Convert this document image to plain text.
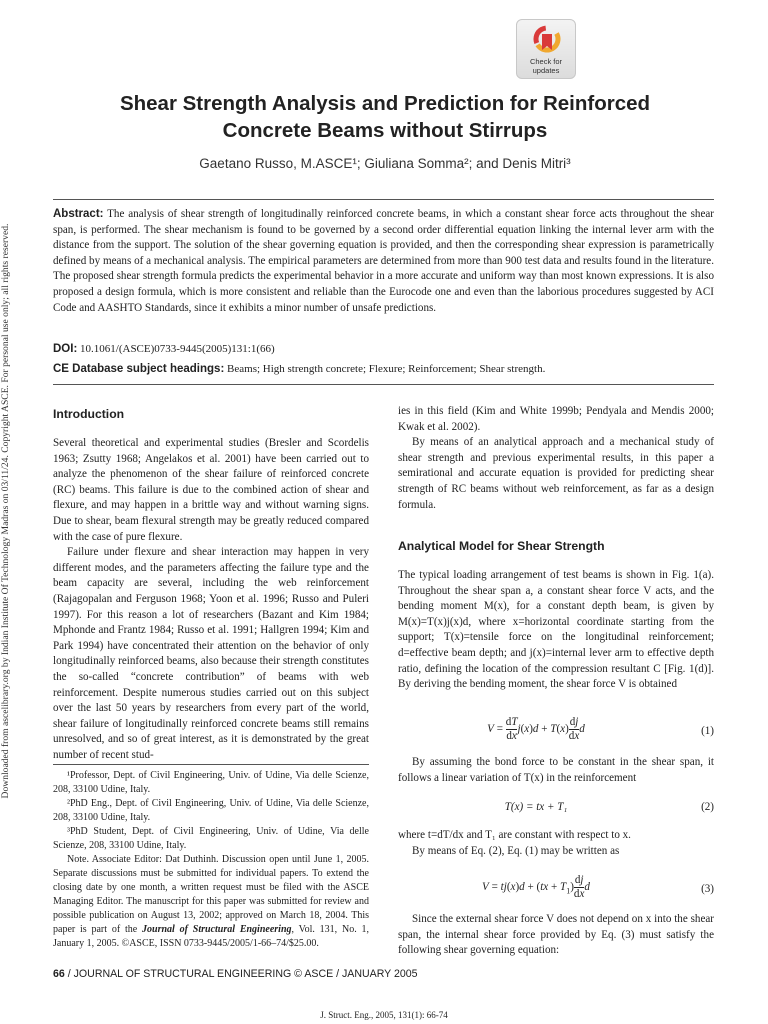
Downloaded from ascelibrary.org by Indian Institute Of Technology Madras on 03/11/24. Copyright ASCE. For personal use only; all rights reserved.
Check for
updates
Shear Strength Analysis and Prediction for Reinforced
Concrete Beams without Stirrups
Gaetano Russo, M.ASCE¹; Giuliana Somma²; and Denis Mitri³
Abstract: The analysis of shear strength of longitudinally reinforced concrete beams, in which a constant shear force acts throughout the shear span, is performed. The shear mechanism is found to be governed by a second order differential equation linking the internal lever arm with the distance from the support. The solution of the shear governing equation is provided, and then the corresponding shear expression is parametrically defined by means of a mechanical analysis. The empirical parameters are determined from more than 900 test data and results found in the literature. The proposed shear strength formula predicts the experimental behavior in a more accurate and uniform way than most known expressions. It is also proposed a design formula, which is more consistent and reliable than the Eurocode one and even than the laborious procedures suggested by ACI Code and AASHTO Standards, since it exhibits a minor number of unsafe predictions.
DOI: 10.1061/(ASCE)0733-9445(2005)131:1(66)
CE Database subject headings: Beams; High strength concrete; Flexure; Reinforcement; Shear strength.
Introduction

Several theoretical and experimental studies (Bresler and Scordelis 1963; Zsutty 1968; Angelakos et al. 2001) have been carried out to analyze the phenomenon of the shear failure of reinforced concrete (RC) beams. This failure is due to the combined action of shear and flexure, and may happen in a brittle way and without warning signs. Due to shear, beam flexural strength may be greatly reduced compared with the case of pure flexure.

Failure under flexure and shear interaction may happen in very different modes, and the parameters affecting the failure type and the beam capacity are several, including the web reinforcement (Rajagopalan and Ferguson 1968; Yoon et al. 1996; Russo and Puleri 1997). For this reason a lot of researchers (Bazant and Kim 1984; Mphonde and Frantz 1984; Russo et al. 1991; Hallgren 1994; Kim and Park 1994) have concentrated their attention on the behavior of only longitudinally reinforced beams, also because their strength constitutes the so-called “concrete contribution” of beams with web reinforcement. Despite numerous studies carried out on this subject over the last 50 years by researchers from every part of the world, shear failure of longitudinally reinforced concrete beams still remains unresolved, and so of great interest, as it is demonstrated by the great number of recent stud-

¹Professor, Dept. of Civil Engineering, Univ. of Udine, Via delle Scienze, 208, 33100 Udine, Italy.

²PhD Eng., Dept. of Civil Engineering, Univ. of Udine, Via delle Scienze, 208, 33100 Udine, Italy.

³PhD Student, Dept. of Civil Engineering, Univ. of Udine, Via delle Scienze, 208, 33100 Udine, Italy.

Note. Associate Editor: Dat Duthinh. Discussion open until June 1, 2005. Separate discussions must be submitted for individual papers. To extend the closing date by one month, a written request must be filed with the ASCE Managing Editor. The manuscript for this paper was submitted for review and possible publication on August 13, 2002; approved on March 18, 2004. This paper is part of the Journal of Structural Engineering, Vol. 131, No. 1, January 1, 2005. ©ASCE, ISSN 0733-9445/2005/1-66–74/$25.00.

ies in this field (Kim and White 1999b; Pendyala and Mendis 2000; Kwak et al. 2002).

By means of an analytical approach and a mechanical study of shear strength and previous experimental results, in this paper a semirational and accurate equation is provided for predicting shear strength of RC beams without web reinforcement, as far as a design formula.

Analytical Model for Shear Strength

The typical loading arrangement of test beams is shown in Fig. 1(a). Throughout the shear span a, a constant shear force V acts, and the bending moment M(x), for a constant depth beam, is given by M(x)=T(x)j(x)d, where x=horizontal coordinate starting from the support; T(x)=tensile force on the longitudinal reinforcement; d=effective beam depth; and j(x)=internal lever arm to effective depth ratio, defining the location of the compression resultant C [Fig. 1(d)]. By deriving the bending moment, the shear force V is obtained

$V = \frac{dT}{dx} j(x)d + T(x) \frac{dj}{dx}$ d	(1)

By assuming the bond force to be constant in the shear span, it follows a linear variation of T(x) in the reinforcement

T(x) = tx + T₁	(2)

where t=dT/dx and T₁ are constant with respect to x.

By means of Eq. (2), Eq. (1) may be written as

$V = tj(x)d + (tx + T_1) \frac{dj}{dx}$ d	(3)

Since the external shear force V does not depend on x into the shear span, the internal shear force provided by Eq. (3) must satisfy the following shear governing equation:

66 / JOURNAL OF STRUCTURAL ENGINEERING © ASCE / JANUARY 2005
J. Struct. Eng., 2005, 131(1): 66-74
